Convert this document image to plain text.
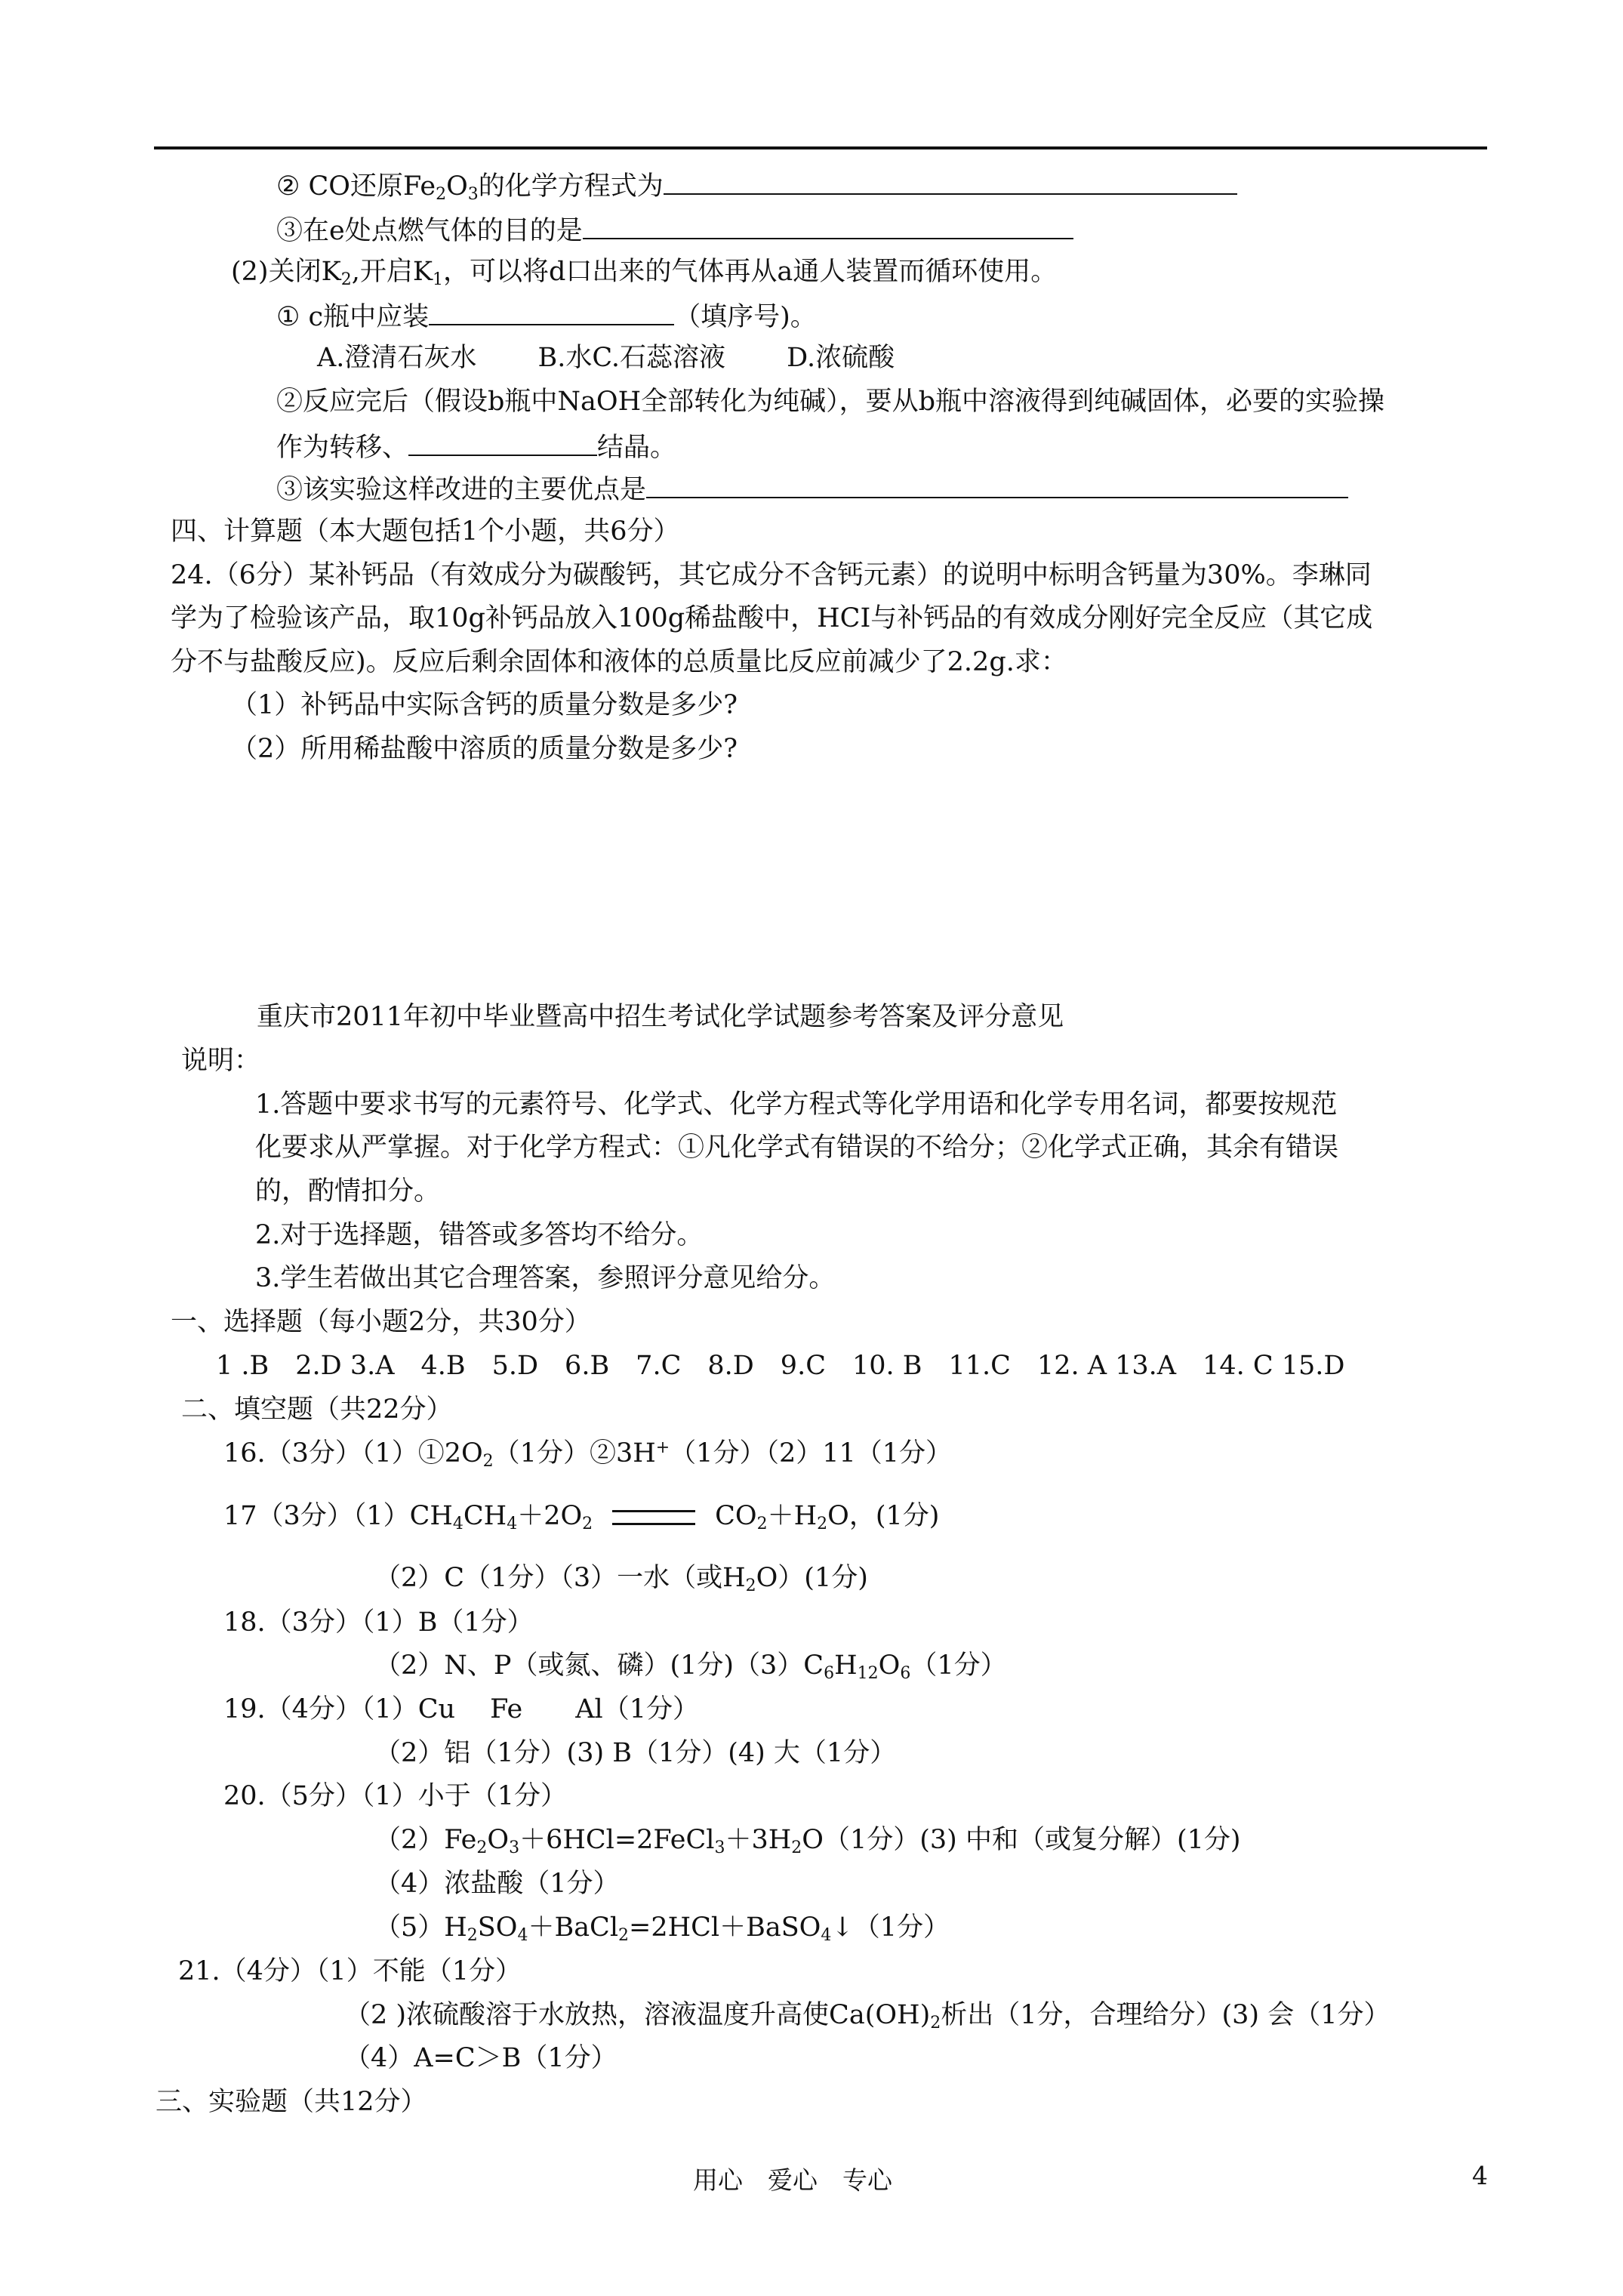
② CO还原$Fe_2O_3$的化学方程式为
③在e处点燃气体的目的是
(2)关闭$K_2$,开启$K_1$，可以将d口出来的气体再从a通人装置而循环使用。
① c瓶中应装	（填序号)。
A.澄清石灰水　　 B.水C.石蕊溶液　　 D.浓硫酸
②反应完后（假设b瓶中NaOH全部转化为纯碱），要从b瓶中溶液得到纯碱固体，必要的实验操
作为转移、	结晶。
③该实验这样改进的主要优点是
四、计算题（本大题包括1个小题，共6分）
24.（6分）某补钙品（有效成分为碳酸钙，其它成分不含钙元素）的说明中标明含钙量为30%。李琳同
学为了检验该产品，取10g补钙品放入100g稀盐酸中，HCI与补钙品的有效成分刚好完全反应（其它成
分不与盐酸反应)。反应后剩余固体和液体的总质量比反应前减少了2.2g.求：
（1）补钙品中实际含钙的质量分数是多少?
（2）所用稀盐酸中溶质的质量分数是多少?
重庆市2011年初中毕业暨高中招生考试化学试题参考答案及评分意见
说明：
1.答题中要求书写的元素符号、化学式、化学方程式等化学用语和化学专用名词，都要按规范
化要求从严掌握。对于化学方程式：①凡化学式有错误的不给分；②化学式正确，其余有错误
的，酌情扣分。
2.对于选择题，错答或多答均不给分。
3.学生若做出其它合理答案，参照评分意见给分。
一、选择题（每小题2分，共30分）
1 .B　2.D 3.A　4.B　5.D　6.B　7.C　8.D　9.C　10. B　11.C　12. A 13.A　14. C 15.D
二、填空题（共22分）
16.（3分）$(1)①2O_2(1$分）②3H+（1分）（2）11（1分）
17（3分）$(1)CH_4CH_4+2O_2$	$CO_2+H_2O$，(1分)
（2）C（1分）（3）一水（或$H_2O)(1$分)
18.（3分）（1）B（1分）
（2）N、P（或氮、磷）(1分)$(3)C_6H_{12}O_6(1$分）
19.（4分）（1）Cu　 Fe　　Al（1分）
（2）铝（1分）(3) B（1分）(4) 大（1分）
20.（5分）（1）小于（1分）
$(2)Fe_2O_3+6HCl=2FeCl_3+3H_2O(1$分）(3) 中和（或复分解）(1分)
（4）浓盐酸（1分）
$(5)H_2SO_4+BaCl_2=2HCl+BaSO_4↓(1$分）
21.（4分）（1）不能（1分）
（2 )浓硫酸溶于水放热，溶液温度升高使$Ca(OH)_2$析出（1分，合理给分）(3) 会（1分）
（4）A=C＞B（1分）
三、实验题（共12分）
用心　爱心　专心	4
